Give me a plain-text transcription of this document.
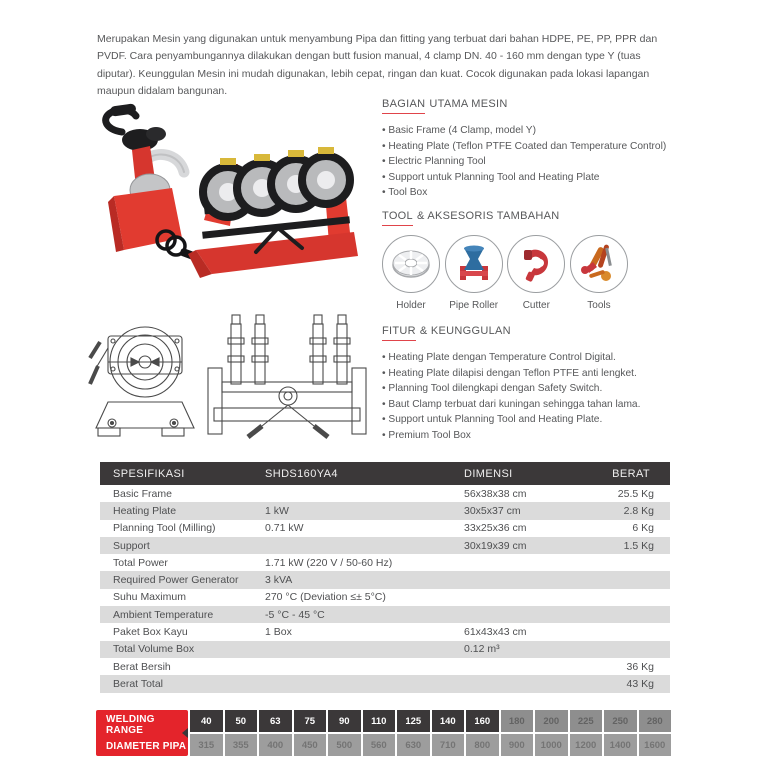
Merupakan Mesin yang digunakan untuk menyambung Pipa dan fitting yang terbuat dari bahan HDPE, PE, PP, PPR dan PVDF. Cara penyambungannya dilakukan dengan butt fusion manual, 4 clamp DN. 40 - 160 mm dengan type Y (tuas diputar). Keunggulan Mesin ini mudah digunakan, lebih cepat, ringan dan kuat. Cocok digunakan pada lokasi lapangan maupun didalam bangunan.

BAGIAN UTAMA MESIN
• Basic Frame (4 Clamp, model Y)
• Heating Plate (Teflon PTFE Coated dan Temperature Control)
• Electric Planning Tool
• Support untuk Planning Tool and Heating Plate
• Tool Box
TOOL & AKSESORIS TAMBAHAN
Holder Pipe Roller Cutter	Tools
FITUR & KEUNGGULAN
• Heating Plate dengan Temperature Control Digital.
• Heating Plate dilapisi dengan Teflon PTFE anti lengket.
• Planning Tool dilengkapi dengan Safety Switch.
• Baut Clamp terbuat dari kuningan sehingga tahan lama.
• Support untuk Planning Tool and Heating Plate.
• Premium Tool Box
SPESIFIKASI	SHDS160YA4	DIMENSI	BERAT
Basic Frame		56x38x38 cm	25.5 Kg
Heating Plate	1 kW	30x5x37 cm	2.8 Kg
Planning Tool (Milling)	0.71 kW	33x25x36 cm	6 Kg
Support		30x19x39 cm	1.5 Kg
Total Power	1.71 kW (220 V / 50-60 Hz)		
Required Power Generator	3 kVA		
Suhu Maximum	270 °C (Deviation ≤± 5°C)		
Ambient Temperature	-5 °C - 45 °C		
Paket Box Kayu	1 Box	61x43x43 cm	
Total Volume Box		0.12 m³	
Berat Bersih			36 Kg
Berat Total			43 Kg
WELDING RANGE
DIAMETER PIPA
40	50	63	75	90	110	125	140	160	180	200	225	250	280
315	355	400	450	500	560	630	710	800	900	1000	1200	1400	1600
